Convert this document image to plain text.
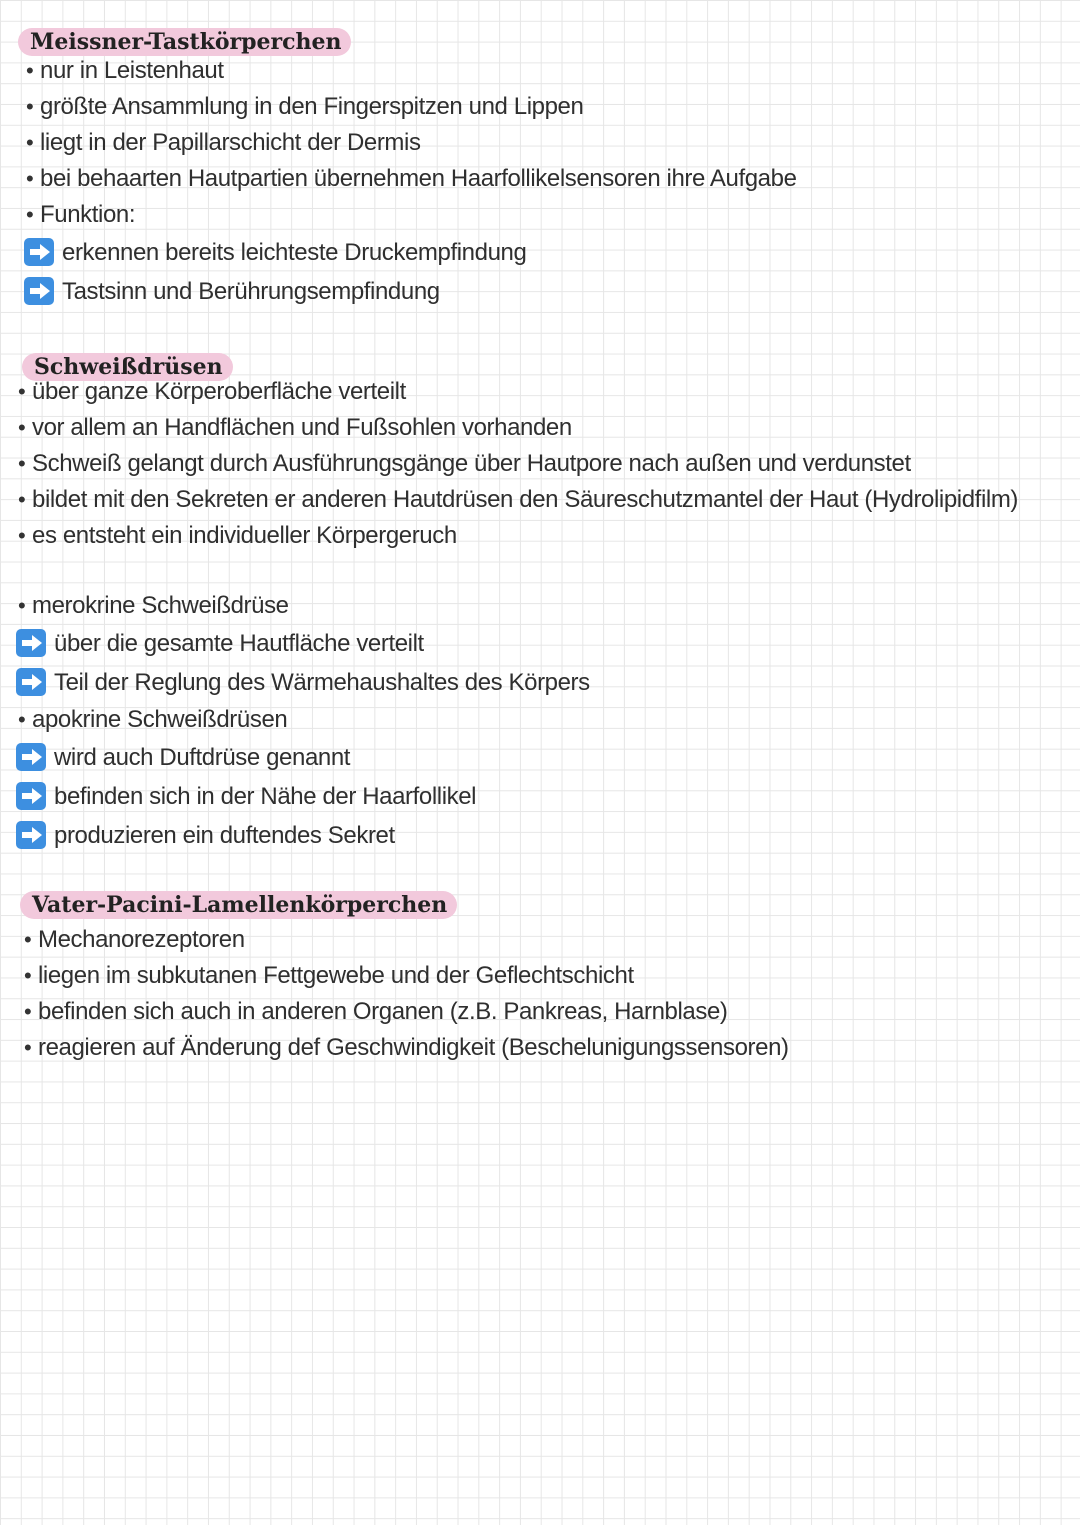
Meissner-Tastkörperchen
• nur in Leistenhaut
• größte Ansammlung in den Fingerspitzen und Lippen
• liegt in der Papillarschicht der Dermis
• bei behaarten Hautpartien übernehmen Haarfollikelsensoren ihre Aufgabe
• Funktion:
erkennen bereits leichteste Druckempfindung
Tastsinn und Berührungsempfindung
Schweißdrüsen
• über ganze Körperoberfläche verteilt
• vor allem an Handflächen und Fußsohlen vorhanden
• Schweiß gelangt durch Ausführungsgänge über Hautpore nach außen und verdunstet
• bildet mit den Sekreten er anderen Hautdrüsen den Säureschutzmantel der Haut (Hydrolipidfilm)
• es entsteht ein individueller Körpergeruch
• merokrine Schweißdrüse
über die gesamte Hautfläche verteilt
Teil der Reglung des Wärmehaushaltes des Körpers
• apokrine Schweißdrüsen
wird auch Duftdrüse genannt
befinden sich in der Nähe der Haarfollikel
produzieren ein duftendes Sekret
Vater-Pacini-Lamellenkörperchen
• Mechanorezeptoren
• liegen im subkutanen Fettgewebe und der Geflechtschicht
• befinden sich auch in anderen Organen (z.B. Pankreas, Harnblase)
• reagieren auf Änderung def Geschwindigkeit (Beschelunigungssensoren)
